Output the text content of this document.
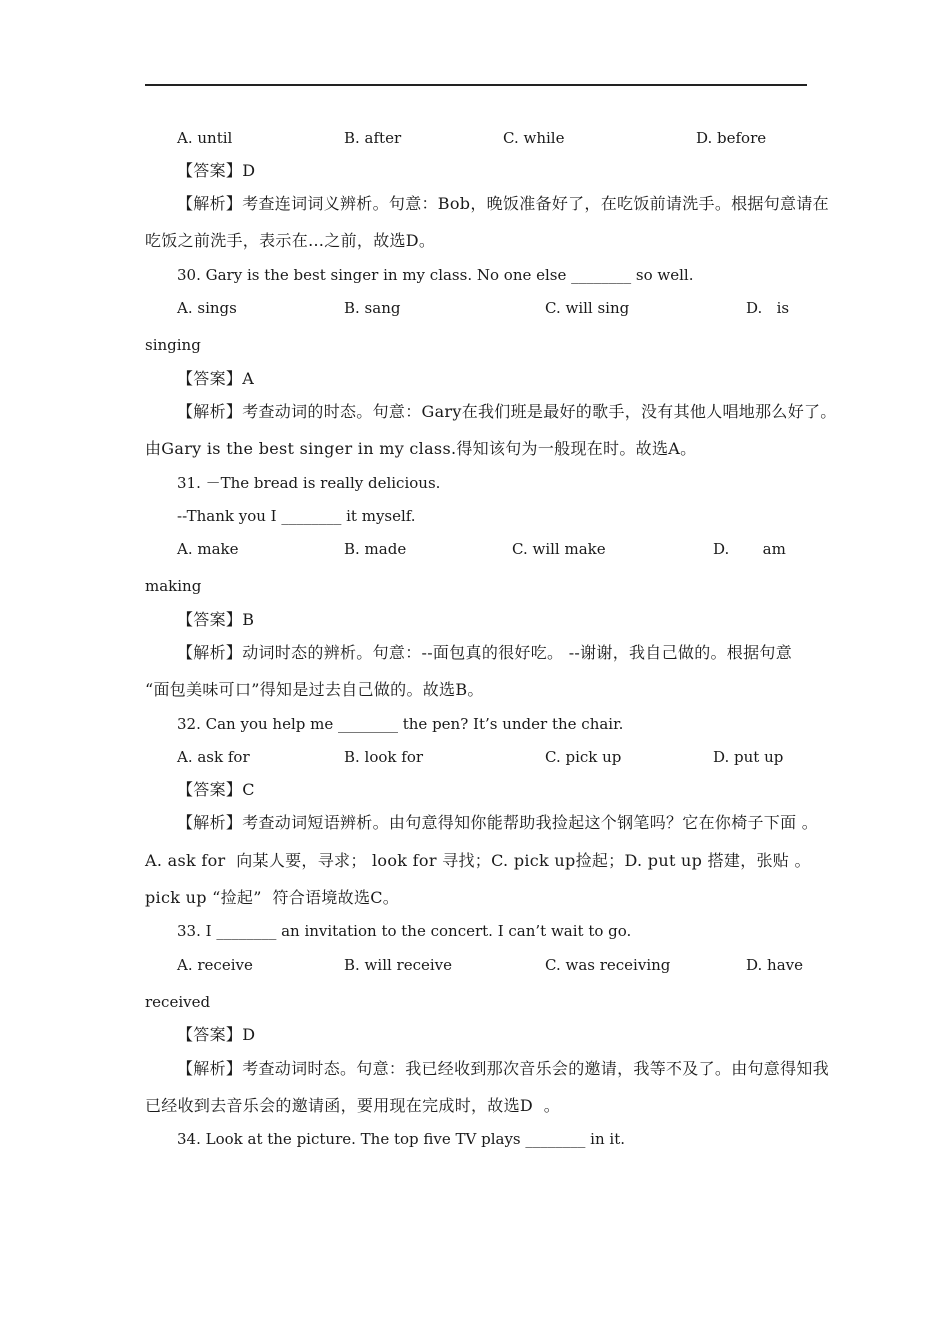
A. until	B. after	C. while	D. before
【答案】D
【解析】考查连词词义辨析。句意：Bob，晚饭准备好了，在吃饭前请洗手。根据句意请在
吃饭之前洗手，表示在…之前，故选D。
30. Gary is the best singer in my class. No one else ________ so well.
A. sings	B. sang	C. will sing	D.   is
singing
【答案】A
【解析】考查动词的时态。句意：Gary在我们班是最好的歌手，没有其他人唱地那么好了。
由Gary is the best singer in my class.得知该句为一般现在时。故选A。
31. －The bread is really delicious.
--Thank you I ________ it myself.
A. make	B. made	C. will make	D.       am
making
【答案】B
【解析】动词时态的辨析。句意：--面包真的很好吃。 --谢谢，我自己做的。根据句意
“面包美味可口”得知是过去自己做的。故选B。
32. Can you help me ________ the pen? It’s under the chair.
A. ask for	B. look for	C. pick up	D. put up
【答案】C
【解析】考查动词短语辨析。由句意得知你能帮助我捡起这个钢笔吗？它在你椅子下面 。
A. ask for  向某人要，寻求； look for 寻找；C. pick up捡起；D. put up 搭建，张贴 。
pick up “捡起”  符合语境故选C。
33. I ________ an invitation to the concert. I can’t wait to go.
A. receive	B. will receive	C. was receiving	D. have
received
【答案】D
【解析】考查动词时态。句意：我已经收到那次音乐会的邀请，我等不及了。由句意得知我
已经收到去音乐会的邀请函，要用现在完成时，故选D  。
34. Look at the picture. The top five TV plays ________ in it.
